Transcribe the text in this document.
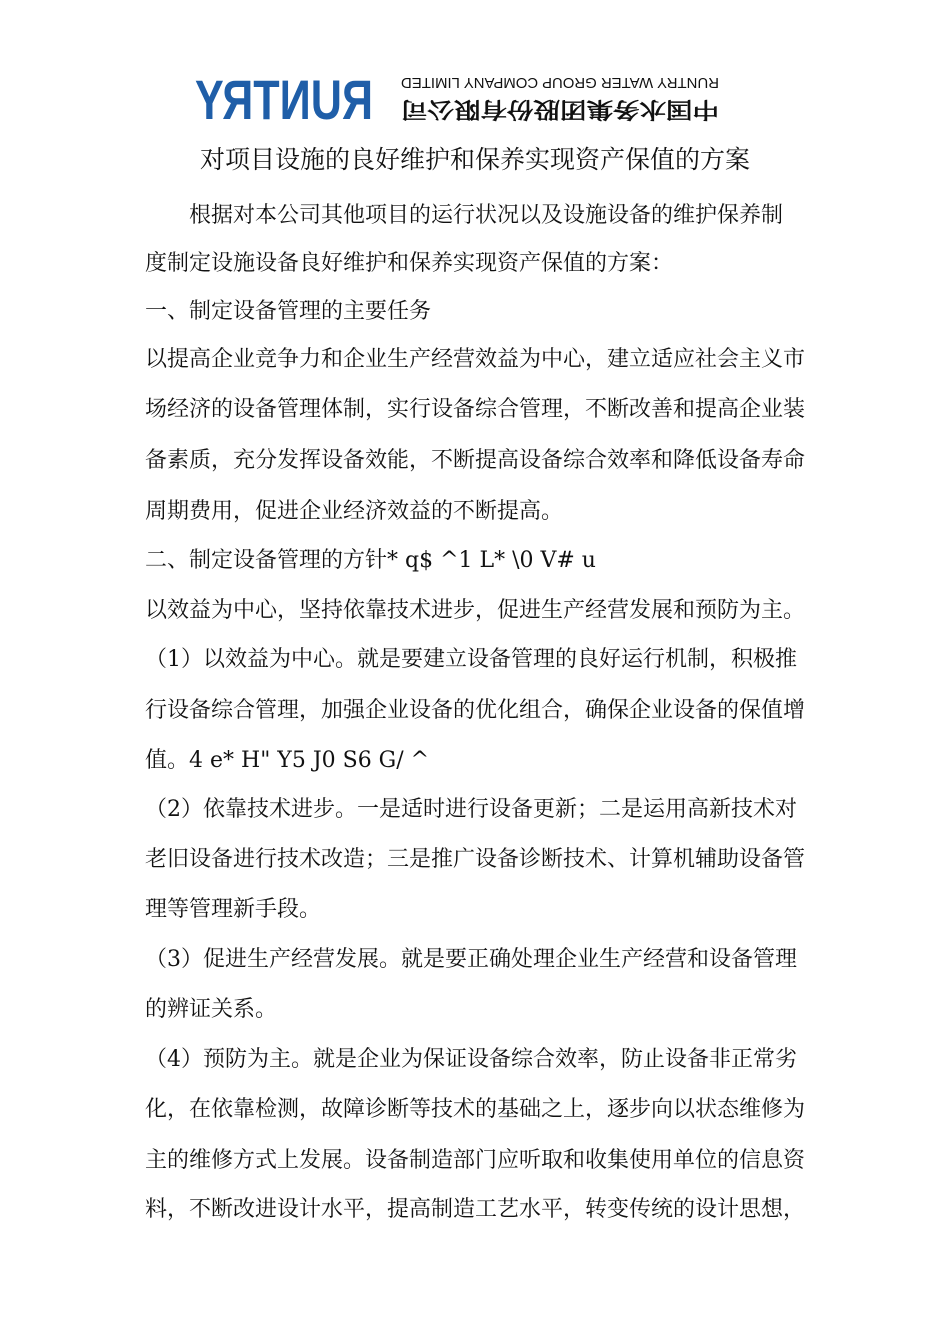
RUNTRY RUNTRY WATER GROUP COMPANY LIMITED
中国水务集团股份有限公司
对项目设施的良好维护和保养实现资产保值的方案
　　根据对本公司其他项目的运行状况以及设施设备的维护保养制
度制定设施设备良好维护和保养实现资产保值的方案：
一、制定设备管理的主要任务
以提高企业竞争力和企业生产经营效益为中心，建立适应社会主义市
场经济的设备管理体制，实行设备综合管理，不断改善和提高企业装
备素质，充分发挥设备效能，不断提高设备综合效率和降低设备寿命
周期费用，促进企业经济效益的不断提高。
二、制定设备管理的方针* q$ ^1 L* \0 V# u
以效益为中心，坚持依靠技术进步，促进生产经营发展和预防为主。
（1）以效益为中心。就是要建立设备管理的良好运行机制，积极推
行设备综合管理，加强企业设备的优化组合，确保企业设备的保值增
值。4 e* H" Y5 J0 S6 G/ ^
（2）依靠技术进步。一是适时进行设备更新；二是运用高新技术对
老旧设备进行技术改造；三是推广设备诊断技术、计算机辅助设备管
理等管理新手段。
（3）促进生产经营发展。就是要正确处理企业生产经营和设备管理
的辨证关系。
（4）预防为主。就是企业为保证设备综合效率，防止设备非正常劣
化，在依靠检测，故障诊断等技术的基础之上，逐步向以状态维修为
主的维修方式上发展。设备制造部门应听取和收集使用单位的信息资
料，不断改进设计水平，提高制造工艺水平，转变传统的设计思想，
